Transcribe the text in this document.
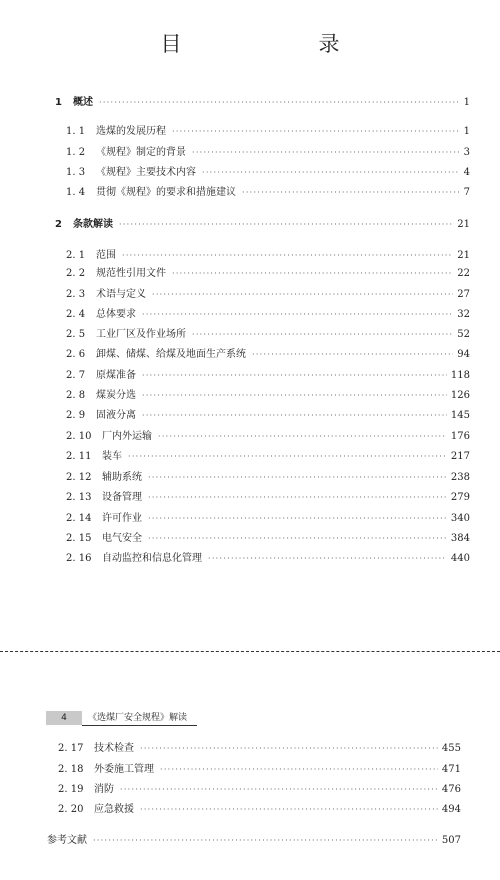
目　录
1	概述 ·····	1
1. 1	选煤的发展历程 ·····	1
1. 2	《规程》制定的背景 ·····	3
1. 3	《规程》主要技术内容 ·····	4
1. 4	贯彻《规程》的要求和措施建议 ·····	7
2	条款解读 ·····	21
2. 1	范围 ·····	21
2. 2	规范性引用文件 ·····	22
2. 3	术语与定义 ·····	27
2. 4	总体要求 ·····	32
2. 5	工业厂区及作业场所 ·····	52
2. 6	卸煤、储煤、给煤及地面生产系统 ·····	94
2. 7	原煤准备 ·····	118
2. 8	煤炭分选 ·····	126
2. 9	固液分离 ·····	145
2. 10	厂内外运输 ·····	176
2. 11	装车 ·····	217
2. 12	辅助系统 ·····	238
2. 13	设备管理 ·····	279
2. 14	许可作业 ·····	340
2. 15	电气安全 ·····	384
2. 16	自动监控和信息化管理 ·····	440
4	《选煤厂安全规程》解读
2. 17	技术检查 ·····	455
2. 18	外委施工管理 ·····	471
2. 19	消防 ·····	476
2. 20	应急救援 ·····	494
参考文献 ·····	507
